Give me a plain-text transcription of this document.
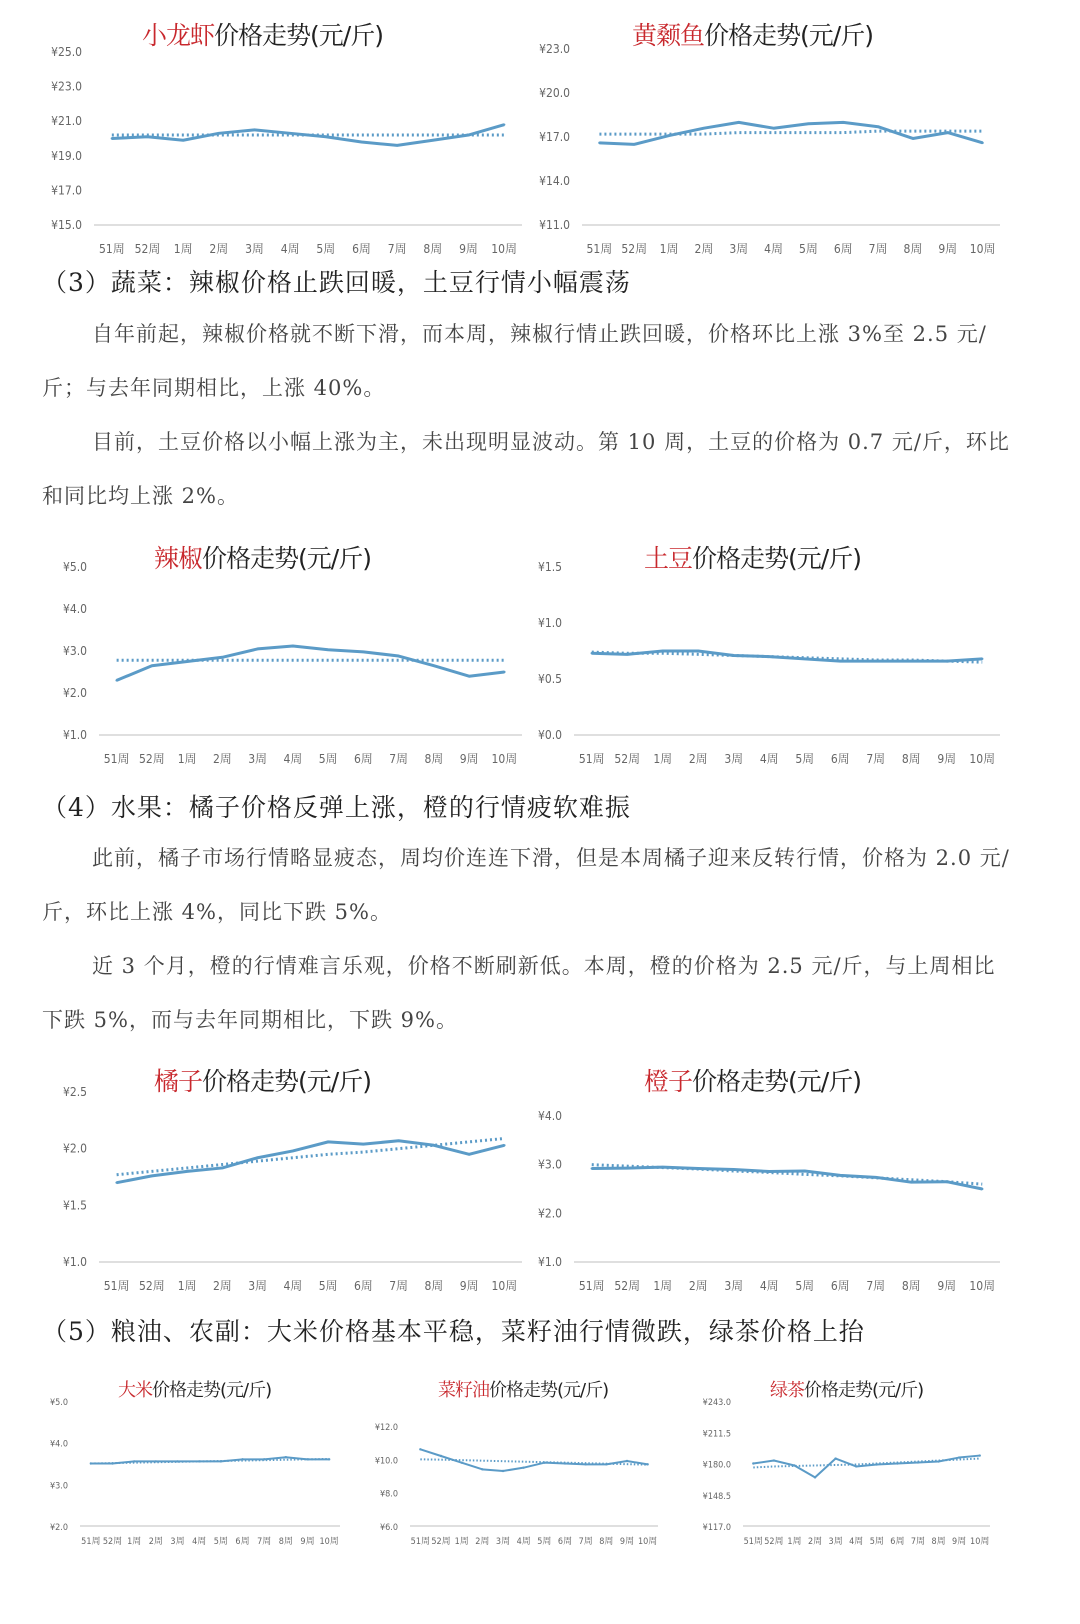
小龙虾价格走势(元/斤)
¥15.0
¥17.0
¥19.0
¥21.0
¥23.0
¥25.0
51周 52周 1周 2周 3周 4周 5周 6周 7周 8周 9周 10周
黄颡鱼价格走势(元/斤)
¥11.0
¥14.0
¥17.0
¥20.0
¥23.0
51周 52周 1周 2周 3周 4周 5周 6周 7周 8周 9周 10周
（3）蔬菜：辣椒价格止跌回暖，土豆行情小幅震荡

自年前起，辣椒价格就不断下滑，而本周，辣椒行情止跌回暖，价格环比上涨 3%至 2.5 元/斤；与去年同期相比，上涨 40%。

目前，土豆价格以小幅上涨为主，未出现明显波动。第 10 周，土豆的价格为 0.7 元/斤，环比和同比均上涨 2%。

辣椒价格走势(元/斤)
¥1.0
¥2.0
¥3.0
¥4.0
¥5.0
51周 52周 1周 2周 3周 4周 5周 6周 7周 8周 9周 10周
土豆价格走势(元/斤)
¥0.0
¥0.5
¥1.0
¥1.5
51周 52周 1周 2周 3周 4周 5周 6周 7周 8周 9周 10周
（4）水果：橘子价格反弹上涨，橙的行情疲软难振

此前，橘子市场行情略显疲态，周均价连连下滑，但是本周橘子迎来反转行情，价格为 2.0 元/斤，环比上涨 4%，同比下跌 5%。

近 3 个月，橙的行情难言乐观，价格不断刷新低。本周，橙的价格为 2.5 元/斤，与上周相比下跌 5%，而与去年同期相比，下跌 9%。

橘子价格走势(元/斤)
¥1.0
¥1.5
¥2.0
¥2.5
51周 52周 1周 2周 3周 4周 5周 6周 7周 8周 9周 10周
橙子价格走势(元/斤)
¥1.0
¥2.0
¥3.0
¥4.0
51周 52周 1周 2周 3周 4周 5周 6周 7周 8周 9周 10周
（5）粮油、农副：大米价格基本平稳，菜籽油行情微跌，绿茶价格上抬
大米价格走势(元/斤)
¥2.0
¥3.0
¥4.0
¥5.0
51周 52周 1周 2周 3周 4周 5周 6周 7周 8周 9周 10周
菜籽油价格走势(元/斤)
¥6.0
¥8.0
¥10.0
¥12.0
51周 52周 1周 2周 3周 4周 5周 6周 7周 8周 9周 10周
绿茶价格走势(元/斤)
¥117.0
¥148.5
¥180.0
¥211.5
¥243.0
51周 52周 1周 2周 3周 4周 5周 6周 7周 8周 9周 10周
